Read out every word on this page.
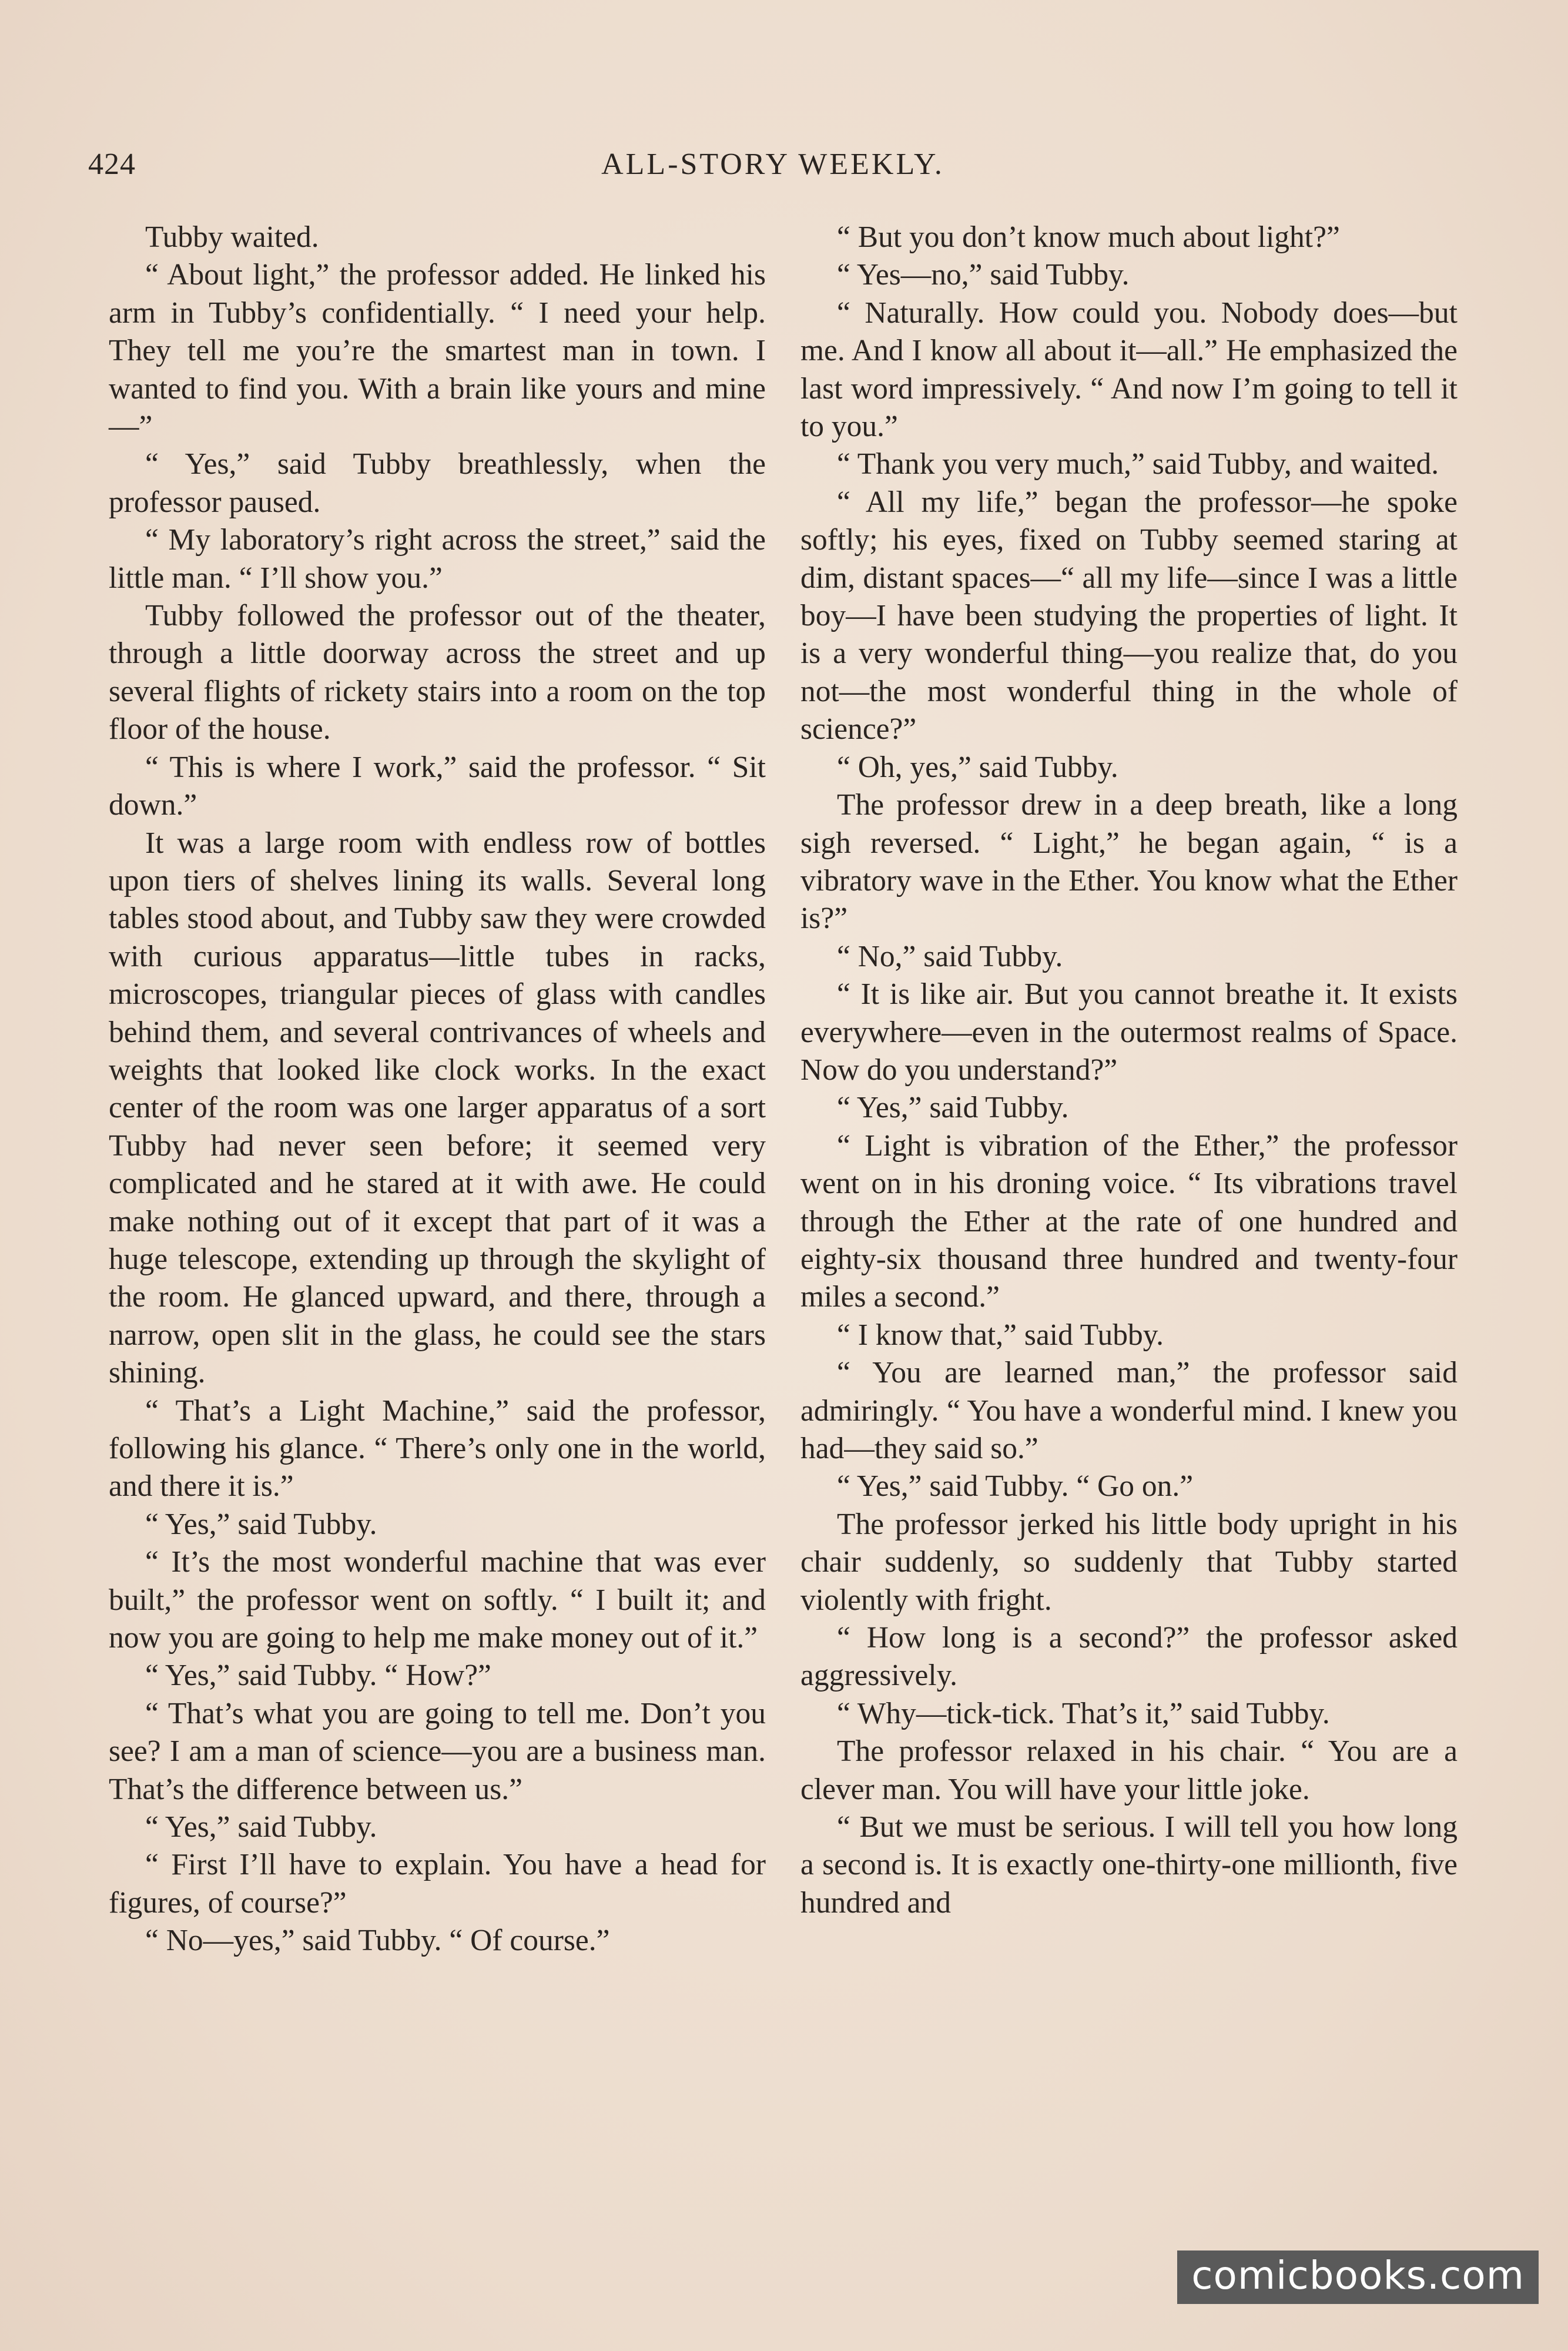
424	ALL-STORY WEEKLY.

Tubby waited.

“ About light,” the professor added. He linked his arm in Tubby’s confidentially. “ I need your help. They tell me you’re the smartest man in town. I wanted to find you. With a brain like yours and mine—”

“ Yes,” said Tubby breathlessly, when the professor paused.

“ My laboratory’s right across the street,” said the little man. “ I’ll show you.”

Tubby followed the professor out of the theater, through a little doorway across the street and up several flights of rickety stairs into a room on the top floor of the house.

“ This is where I work,” said the professor. “ Sit down.”

It was a large room with endless row of bottles upon tiers of shelves lining its walls. Several long tables stood about, and Tubby saw they were crowded with curious apparatus—little tubes in racks, microscopes, triangular pieces of glass with candles behind them, and several contrivances of wheels and weights that looked like clock works. In the exact center of the room was one larger apparatus of a sort Tubby had never seen before; it seemed very complicated and he stared at it with awe. He could make nothing out of it except that part of it was a huge telescope, extending up through the skylight of the room. He glanced upward, and there, through a narrow, open slit in the glass, he could see the stars shining.

“ That’s a Light Machine,” said the professor, following his glance. “ There’s only one in the world, and there it is.”

“ Yes,” said Tubby.

“ It’s the most wonderful machine that was ever built,” the professor went on softly. “ I built it; and now you are going to help me make money out of it.”

“ Yes,” said Tubby. “ How?”

“ That’s what you are going to tell me. Don’t you see? I am a man of science—you are a business man. That’s the difference between us.”

“ Yes,” said Tubby.

“ First I’ll have to explain. You have a head for figures, of course?”

“ No—yes,” said Tubby. “ Of course.”

“ But you don’t know much about light?”

“ Yes—no,” said Tubby.

“ Naturally. How could you. Nobody does—but me. And I know all about it—all.” He emphasized the last word impressively. “ And now I’m going to tell it to you.”

“ Thank you very much,” said Tubby, and waited.

“ All my life,” began the professor—he spoke softly; his eyes, fixed on Tubby seemed staring at dim, distant spaces—“ all my life—since I was a little boy—I have been studying the properties of light. It is a very wonderful thing—you realize that, do you not—the most wonderful thing in the whole of science?”

“ Oh, yes,” said Tubby.

The professor drew in a deep breath, like a long sigh reversed. “ Light,” he began again, “ is a vibratory wave in the Ether. You know what the Ether is?”

“ No,” said Tubby.

“ It is like air. But you cannot breathe it. It exists everywhere—even in the outermost realms of Space. Now do you understand?”

“ Yes,” said Tubby.

“ Light is vibration of the Ether,” the professor went on in his droning voice. “ Its vibrations travel through the Ether at the rate of one hundred and eighty-six thousand three hundred and twenty-four miles a second.”

“ I know that,” said Tubby.

“ You are learned man,” the professor said admiringly. “ You have a wonderful mind. I knew you had—they said so.”

“ Yes,” said Tubby. “ Go on.”

The professor jerked his little body upright in his chair suddenly, so suddenly that Tubby started violently with fright.

“ How long is a second?” the professor asked aggressively.

“ Why—tick-tick. That’s it,” said Tubby.

The professor relaxed in his chair. “ You are a clever man. You will have your little joke.

“ But we must be serious. I will tell you how long a second is. It is exactly one-thirty-one millionth, five hundred and

comicbooks.com
